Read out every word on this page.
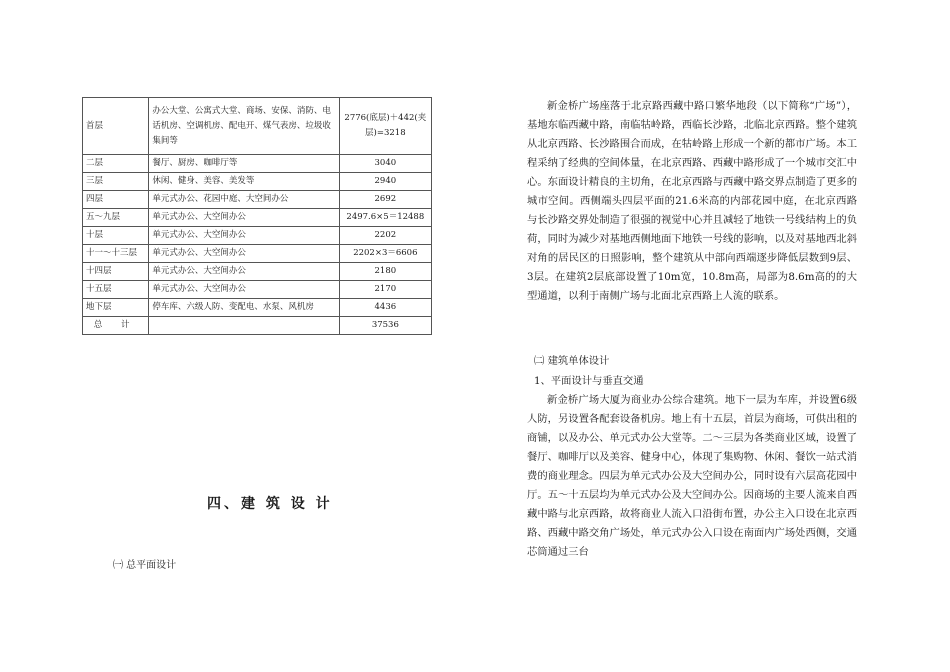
首层	办公大堂、公寓式大堂、商场、安保、消防、电话机房、空调机房、配电开、煤气表房、垃圾收集间等	2776(底层)＋442(夹层)=3218
二层	餐厅、厨房、咖啡厅等	3040
三层	休闲、健身、美容、美发等	2940
四层	单元式办公、花园中庭、大空间办公	2692
五～九层	单元式办公、大空间办公	2497.6×5＝12488
十层	单元式办公、大空间办公	2202
十一～十三层	单元式办公、大空间办公	2202×3＝6606
十四层	单元式办公、大空间办公	2180
十五层	单元式办公、大空间办公	2170
地下层	停车库、六级人防、变配电、水泵、风机房	4436
总 计		37536
四、建 筑 设 计
㈠ 总平面设计

新金桥广场座落于北京路西藏中路口繁华地段（以下简称“广场”），基地东临西藏中路，南临牯岭路，西临长沙路，北临北京西路。整个建筑从北京西路、长沙路围合而成，在牯岭路上形成一个新的都市广场。本工程采纳了经典的空间体量，在北京西路、西藏中路形成了一个城市交汇中心。东面设计精良的主切角，在北京西路与西藏中路交界点制造了更多的城市空间。西侧端头四层平面的21.6米高的内部花园中庭，在北京西路与长沙路交界处制造了很强的视觉中心并且减轻了地铁一号线结构上的负荷，同时为减少对基地西侧地面下地铁一号线的影响，以及对基地西北斜对角的居民区的日照影响，整个建筑从中部向西端逐步降低层数到9层、3层。在建筑2层底部设置了10m宽，10.8m高，局部为8.6m高的的大型通道，以利于南侧广场与北面北京西路上人流的联系。

㈡ 建筑单体设计
1、平面设计与垂直交通

新金桥广场大厦为商业办公综合建筑。地下一层为车库，并设置6级人防，另设置各配套设备机房。地上有十五层，首层为商场，可供出租的商铺，以及办公、单元式办公大堂等。二～三层为各类商业区域，设置了餐厅、咖啡厅以及美容、健身中心，体现了集购物、休闲、餐饮一站式消费的商业理念。四层为单元式办公及大空间办公，同时设有六层高花园中厅。五～十五层均为单元式办公及大空间办公。因商场的主要人流来自西藏中路与北京西路，故将商业人流入口沿街布置，办公主入口设在北京西路、西藏中路交角广场处，单元式办公入口设在南面内广场处西侧，交通芯筒通过三台
